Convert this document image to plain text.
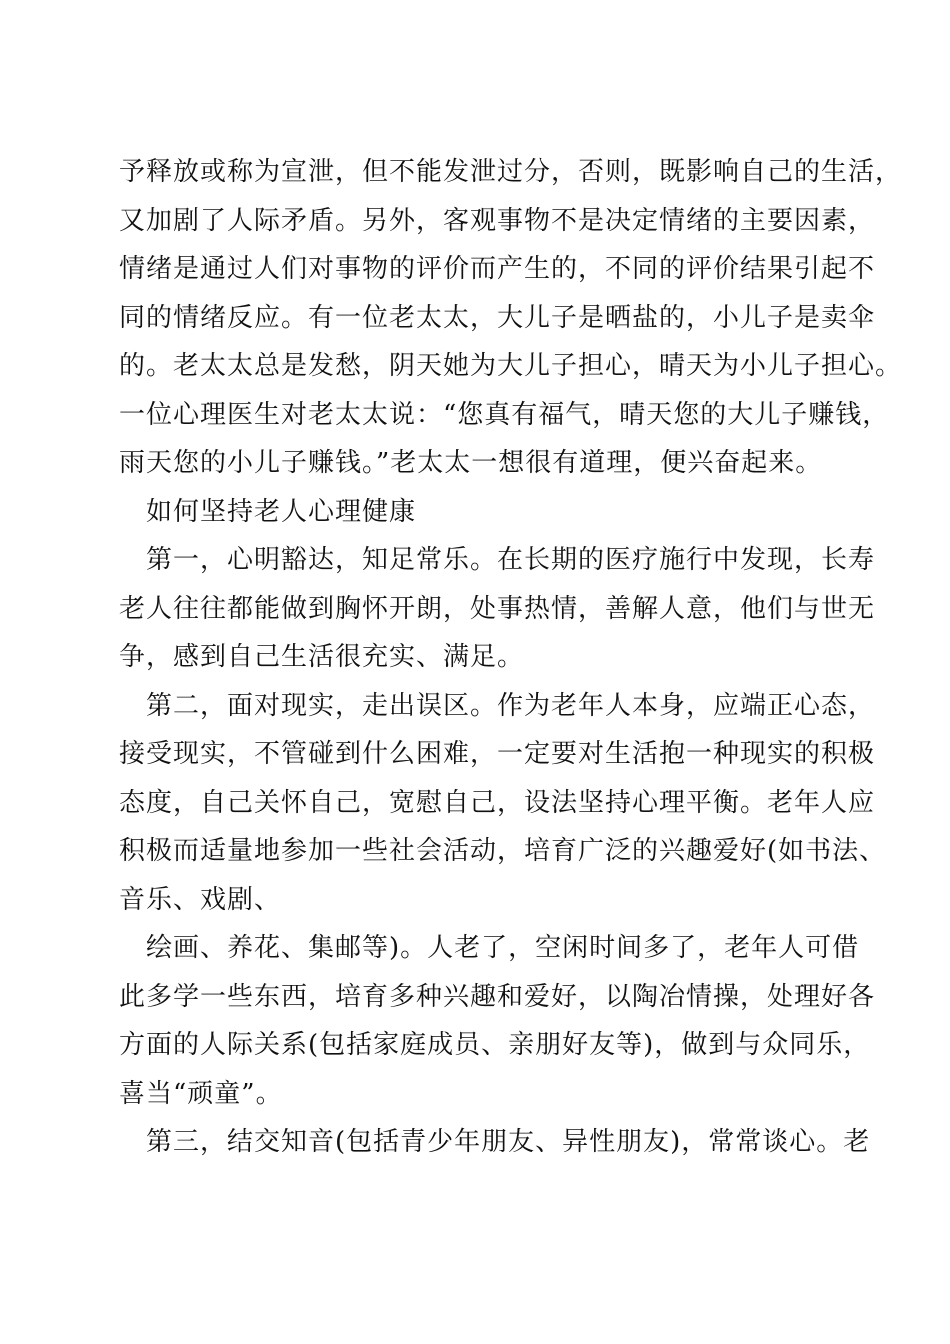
予释放或称为宣泄，但不能发泄过分，否则，既影响自己的生活，
又加剧了人际矛盾。另外，客观事物不是决定情绪的主要因素，
情绪是通过人们对事物的评价而产生的，不同的评价结果引起不
同的情绪反应。有一位老太太，大儿子是晒盐的，小儿子是卖伞
的。老太太总是发愁，阴天她为大儿子担心，晴天为小儿子担心。
一位心理医生对老太太说：“您真有福气，晴天您的大儿子赚钱，
雨天您的小儿子赚钱。”老太太一想很有道理，便兴奋起来。
如何坚持老人心理健康
第一，心明豁达，知足常乐。在长期的医疗施行中发现，长寿
老人往往都能做到胸怀开朗，处事热情，善解人意，他们与世无
争，感到自己生活很充实、满足。
第二，面对现实，走出误区。作为老年人本身，应端正心态，
接受现实，不管碰到什么困难，一定要对生活抱一种现实的积极
态度，自己关怀自己，宽慰自己，设法坚持心理平衡。老年人应
积极而适量地参加一些社会活动，培育广泛的兴趣爱好(如书法、
音乐、戏剧、
绘画、养花、集邮等)。人老了，空闲时间多了，老年人可借
此多学一些东西，培育多种兴趣和爱好，以陶冶情操，处理好各
方面的人际关系(包括家庭成员、亲朋好友等)，做到与众同乐，
喜当“顽童”。
第三，结交知音(包括青少年朋友、异性朋友)，常常谈心。老
